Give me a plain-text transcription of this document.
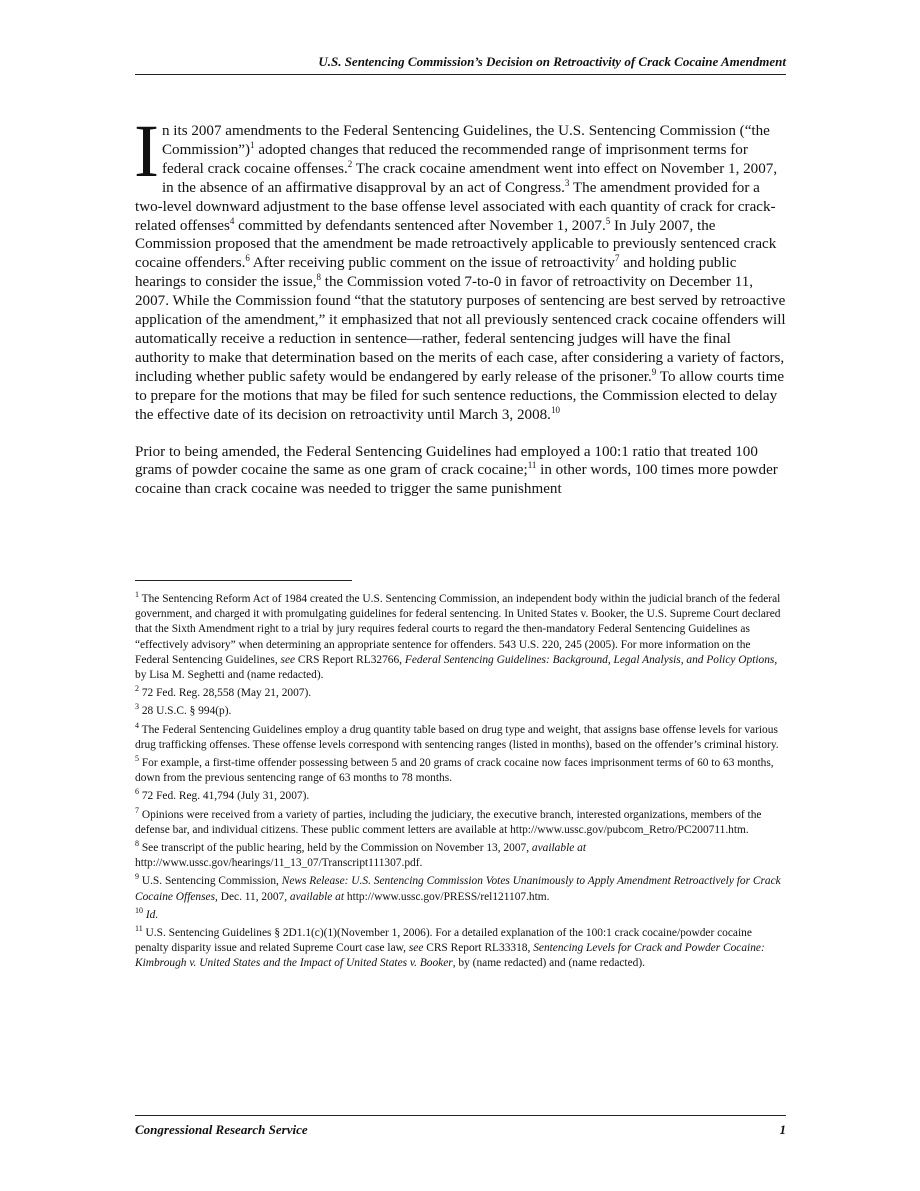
U.S. Sentencing Commission’s Decision on Retroactivity of Crack Cocaine Amendment

In its 2007 amendments to the Federal Sentencing Guidelines, the U.S. Sentencing Commission (“the Commission”)$^1$ adopted changes that reduced the recommended range of imprisonment terms for federal crack cocaine offenses.$^2$ The crack cocaine amendment went into effect on November 1, 2007, in the absence of an affirmative disapproval by an act of Congress.$^3$ The amendment provided for a two-level downward adjustment to the base offense level associated with each quantity of crack for crack-related offenses$^4$ committed by defendants sentenced after November 1, 2007.$^5$ In July 2007, the Commission proposed that the amendment be made retroactively applicable to previously sentenced crack cocaine offenders.$^6$ After receiving public comment on the issue of retroactivity$^7$ and holding public hearings to consider the issue,$^8$ the Commission voted 7-to-0 in favor of retroactivity on December 11, 2007. While the Commission found “that the statutory purposes of sentencing are best served by retroactive application of the amendment,” it emphasized that not all previously sentenced crack cocaine offenders will automatically receive a reduction in sentence—rather, federal sentencing judges will have the final authority to make that determination based on the merits of each case, after considering a variety of factors, including whether public safety would be endangered by early release of the prisoner.$^9$ To allow courts time to prepare for the motions that may be filed for such sentence reductions, the Commission elected to delay the effective date of its decision on retroactivity until March 3, 2008.10

Prior to being amended, the Federal Sentencing Guidelines had employed a 100:1 ratio that treated 100 grams of powder cocaine the same as one gram of crack cocaine;$^{11}$ in other words, 100 times more powder cocaine than crack cocaine was needed to trigger the same punishment

$^1$ The Sentencing Reform Act of 1984 created the U.S. Sentencing Commission, an independent body within the judicial branch of the federal government, and charged it with promulgating guidelines for federal sentencing. In United States v. Booker, the U.S. Supreme Court declared that the Sixth Amendment right to a trial by jury requires federal courts to regard the then-mandatory Federal Sentencing Guidelines as “effectively advisory” when determining an appropriate sentence for offenders. 543 U.S. 220, 245 (2005). For more information on the Federal Sentencing Guidelines, see CRS Report RL32766, Federal Sentencing Guidelines: Background, Legal Analysis, and Policy Options, by Lisa M. Seghetti and (name redacted).
$^2$ 72 Fed. Reg. 28,558 (May 21, 2007).
$^3$ 28 U.S.C. § 994(p).
$^4$ The Federal Sentencing Guidelines employ a drug quantity table based on drug type and weight, that assigns base offense levels for various drug trafficking offenses. These offense levels correspond with sentencing ranges (listed in months), based on the offender’s criminal history.
$^5$ For example, a first-time offender possessing between 5 and 20 grams of crack cocaine now faces imprisonment terms of 60 to 63 months, down from the previous sentencing range of 63 months to 78 months.
$^6$ 72 Fed. Reg. 41,794 (July 31, 2007).
$^7$ Opinions were received from a variety of parties, including the judiciary, the executive branch, interested organizations, members of the defense bar, and individual citizens. These public comment letters are available at http://www.ussc.gov/pubcom_Retro/PC200711.htm.
$^8$ See transcript of the public hearing, held by the Commission on November 13, 2007, available at http://www.ussc.gov/hearings/11_13_07/Transcript111307.pdf.
$^9$ U.S. Sentencing Commission, News Release: U.S. Sentencing Commission Votes Unanimously to Apply Amendment Retroactively for Crack Cocaine Offenses, Dec. 11, 2007, available at http://www.ussc.gov/PRESS/rel121107.htm.
$^{10}$ Id.
$^{11}$ U.S. Sentencing Guidelines § 2D1.1(c)(1)(November 1, 2006). For a detailed explanation of the 100:1 crack cocaine/powder cocaine penalty disparity issue and related Supreme Court case law, see CRS Report RL33318, Sentencing Levels for Crack and Powder Cocaine: Kimbrough v. United States and the Impact of United States v. Booker, by (name redacted) and (name redacted).
Congressional Research Service	1
